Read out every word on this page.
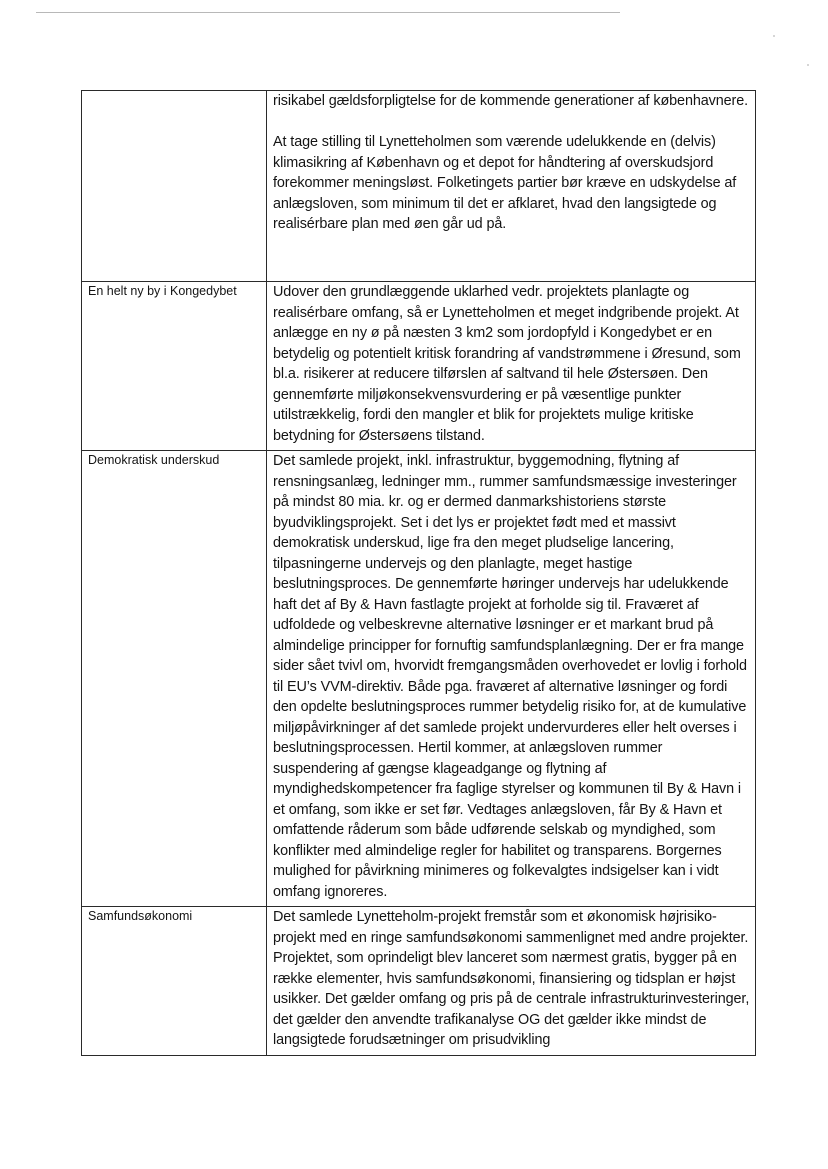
	risikabel gældsforpligtelse for de kommende generationer af københavnere.

At tage stilling til Lynetteholmen som værende udelukkende en (delvis) klimasikring af København og et depot for håndtering af overskudsjord forekommer meningsløst. Folketingets partier bør kræve en udskydelse af anlægsloven, som minimum til det er afklaret, hvad den langsigtede og realisérbare plan med øen går ud på.

En helt ny by i Kongedybet	Udover den grundlæggende uklarhed vedr. projektets planlagte og realisérbare omfang, så er Lynetteholmen et meget indgribende projekt. At anlægge en ny ø på næsten 3 km2 som jordopfyld i Kongedybet er en betydelig og potentielt kritisk forandring af vandstrømmene i Øresund, som bl.a. risikerer at reducere tilførslen af saltvand til hele Østersøen. Den gennemførte miljøkonsekvensvurdering er på væsentlige punkter utilstrækkelig, fordi den mangler et blik for projektets mulige kritiske betydning for Østersøens tilstand.

Demokratisk underskud	Det samlede projekt, inkl. infrastruktur, byggemodning, flytning af rensningsanlæg, ledninger mm., rummer samfundsmæssige investeringer på mindst 80 mia. kr. og er dermed danmarkshistoriens største byudviklingsprojekt. Set i det lys er projektet født med et massivt demokratisk underskud, lige fra den meget pludselige lancering, tilpasningerne undervejs og den planlagte, meget hastige beslutningsproces. De gennemførte høringer undervejs har udelukkende haft det af By & Havn fastlagte projekt at forholde sig til. Fraværet af udfoldede og velbeskrevne alternative løsninger er et markant brud på almindelige principper for fornuftig samfundsplanlægning. Der er fra mange sider sået tvivl om, hvorvidt fremgangsmåden overhovedet er lovlig i forhold til EU’s VVM-direktiv. Både pga. fraværet af alternative løsninger og fordi den opdelte beslutningsproces rummer betydelig risiko for, at de kumulative miljøpåvirkninger af det samlede projekt undervurderes eller helt overses i beslutningsprocessen. Hertil kommer, at anlægsloven rummer suspendering af gængse klageadgange og flytning af myndighedskompetencer fra faglige styrelser og kommunen til By & Havn i et omfang, som ikke er set før. Vedtages anlægsloven, får By & Havn et omfattende råderum som både udførende selskab og myndighed, som konflikter med almindelige regler for habilitet og transparens. Borgernes mulighed for påvirkning minimeres og folkevalgtes indsigelser kan i vidt omfang ignoreres.

Samfundsøkonomi	Det samlede Lynetteholm-projekt fremstår som et økonomisk højrisiko-projekt med en ringe samfundsøkonomi sammenlignet med andre projekter. Projektet, som oprindeligt blev lanceret som nærmest gratis, bygger på en række elementer, hvis samfundsøkonomi, finansiering og tidsplan er højst usikker. Det gælder omfang og pris på de centrale infrastrukturinvesteringer, det gælder den anvendte trafikanalyse OG det gælder ikke mindst de langsigtede forudsætninger om prisudvikling
